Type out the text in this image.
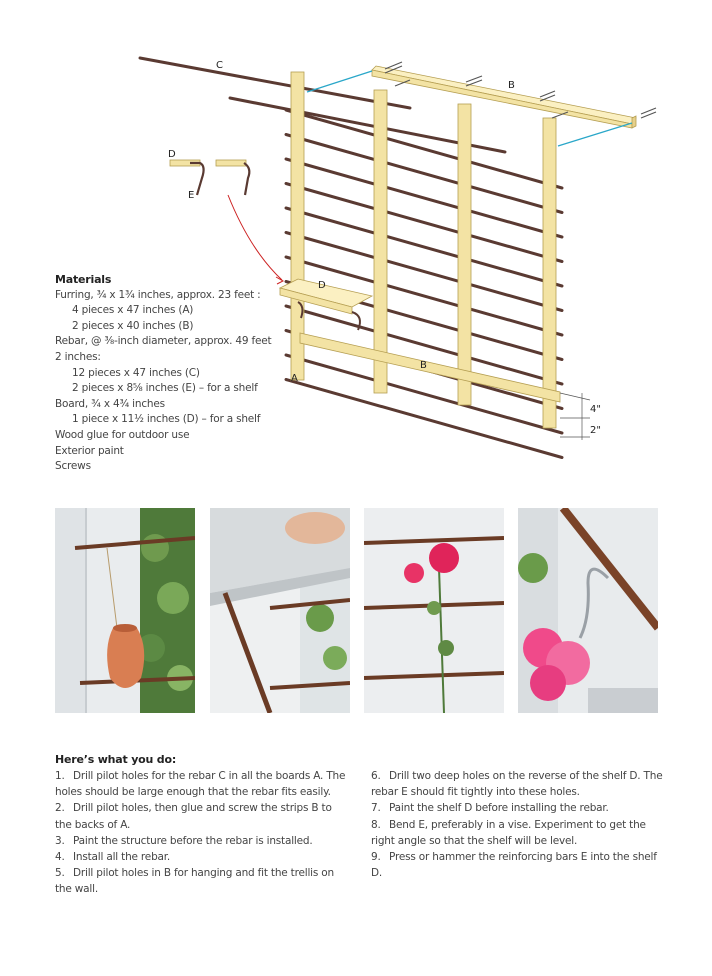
4"
2"
C
B
D
E
D
B
A
Materials
Furring, ³⁄₄ x 1³⁄₄ inches, approx. 23 feet :
4 pieces x 47 inches (A)
2 pieces x 40 inches (B)
Rebar, @ ³⁄₈-inch diameter, approx. 49 feet
2 inches:
12 pieces x 47 inches (C)
2 pieces x 8⁵⁄₈ inches (E) – for a shelf
Board, ³⁄₄ x 4³⁄₄ inches
1 piece x 11¹⁄₂ inches (D) – for a shelf
Wood glue for outdoor use
Exterior paint
Screws
Here’s what you do:
1. Drill pilot holes for the rebar C in all the boards A. The holes should be large enough that the rebar fits easily.
2. Drill pilot holes, then glue and screw the strips B to the backs of A.
3. Paint the structure before the rebar is installed.
4. Install all the rebar.
5. Drill pilot holes in B for hanging and fit the trellis on the wall.
6. Drill two deep holes on the reverse of the shelf D. The rebar E should fit tightly into these holes.
7. Paint the shelf D before installing the rebar.
8. Bend E, preferably in a vise. Experiment to get the right angle so that the shelf will be level.
9. Press or hammer the reinforcing bars E into the shelf D.
